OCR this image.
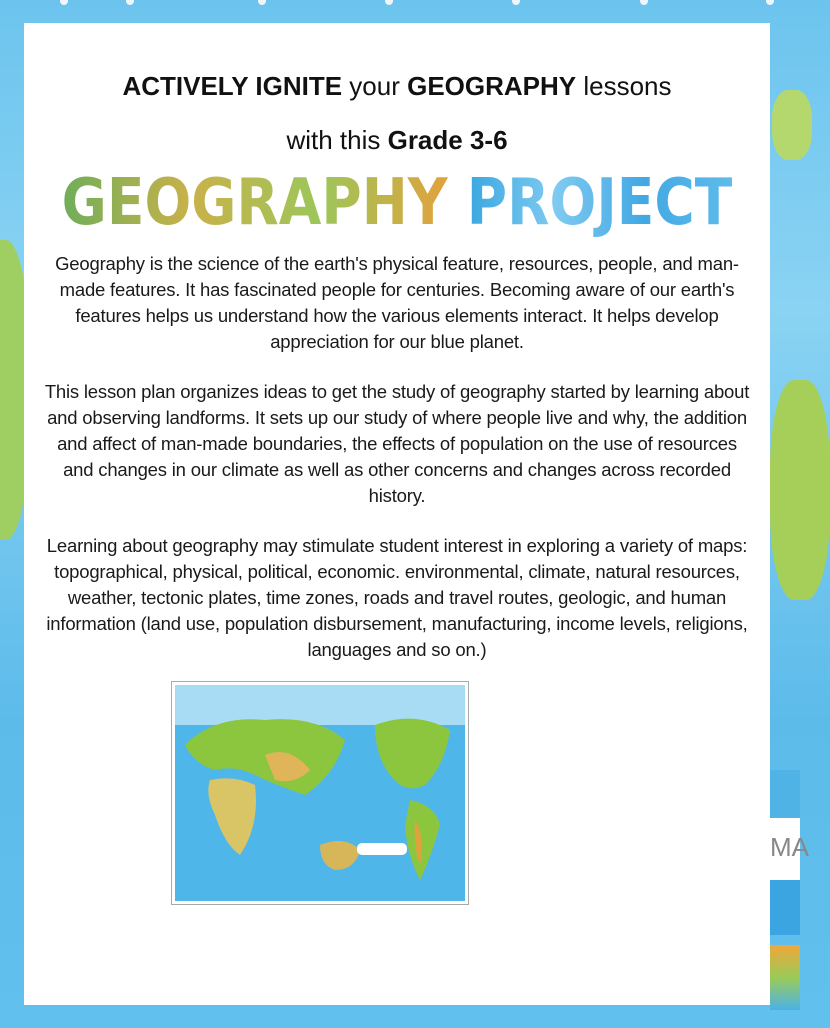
MA
ACTIVELY IGNITE your GEOGRAPHY lessons
with this Grade 3-6
GEOGRAPHY PROJECT
Geography is the science of the earth's physical feature, resources, people, and man-made features. It has fascinated people for centuries. Becoming aware of our earth's features helps us understand how the various elements interact. It helps develop appreciation for our blue planet.
This lesson plan organizes ideas to get the study of geography started by learning about and observing landforms. It sets up our study of where people live and why, the addition and affect of man-made boundaries, the effects of population on the use of resources and changes in our climate as well as other concerns and changes across recorded history.
Learning about geography may stimulate student interest in exploring a variety of maps: topographical, physical, political, economic. environmental, climate, natural resources, weather, tectonic plates, time zones, roads and travel routes, geologic, and human information (land use, population disbursement, manufacturing, income levels, religions, languages and so on.)
